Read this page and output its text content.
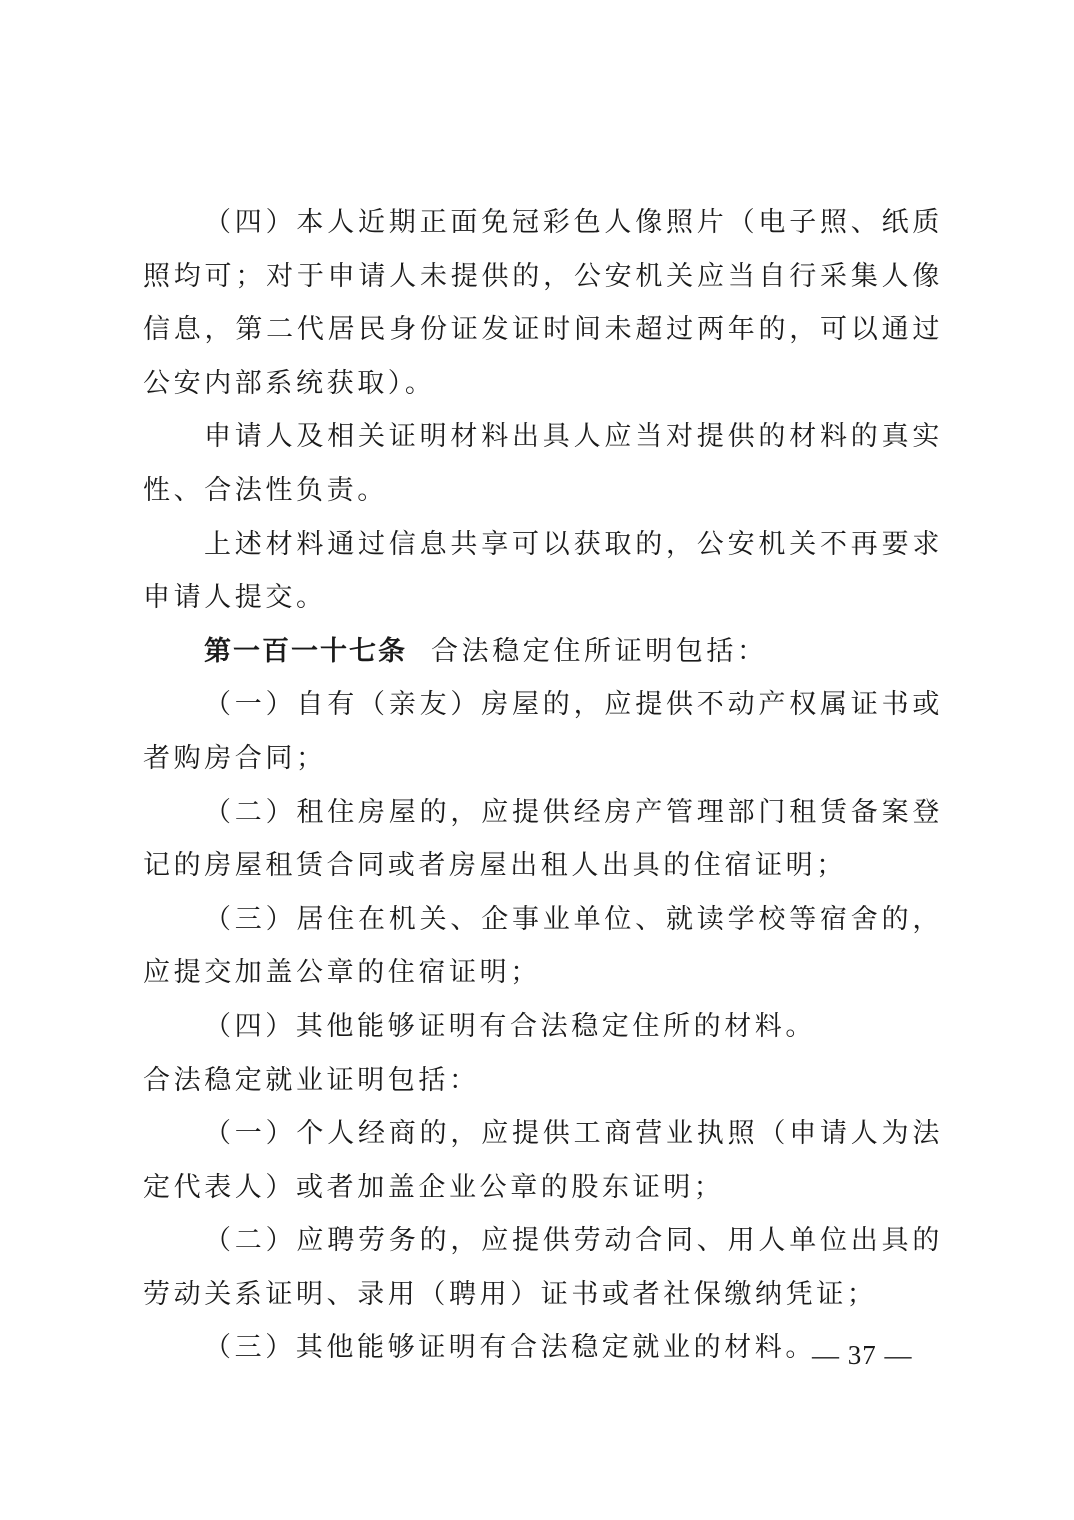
（四）本人近期正面免冠彩色人像照片（电子照、纸质照均可；对于申请人未提供的，公安机关应当自行采集人像信息，第二代居民身份证发证时间未超过两年的，可以通过公安内部系统获取）。

申请人及相关证明材料出具人应当对提供的材料的真实性、合法性负责。

上述材料通过信息共享可以获取的，公安机关不再要求申请人提交。

第一百一十七条 合法稳定住所证明包括：

（一）自有（亲友）房屋的，应提供不动产权属证书或者购房合同；

（二）租住房屋的，应提供经房产管理部门租赁备案登记的房屋租赁合同或者房屋出租人出具的住宿证明；

（三）居住在机关、企事业单位、就读学校等宿舍的，应提交加盖公章的住宿证明；

（四）其他能够证明有合法稳定住所的材料。

合法稳定就业证明包括：

（一）个人经商的，应提供工商营业执照（申请人为法定代表人）或者加盖企业公章的股东证明；

（二）应聘劳务的，应提供劳动合同、用人单位出具的劳动关系证明、录用（聘用）证书或者社保缴纳凭证；

（三）其他能够证明有合法稳定就业的材料。

— 37 —
